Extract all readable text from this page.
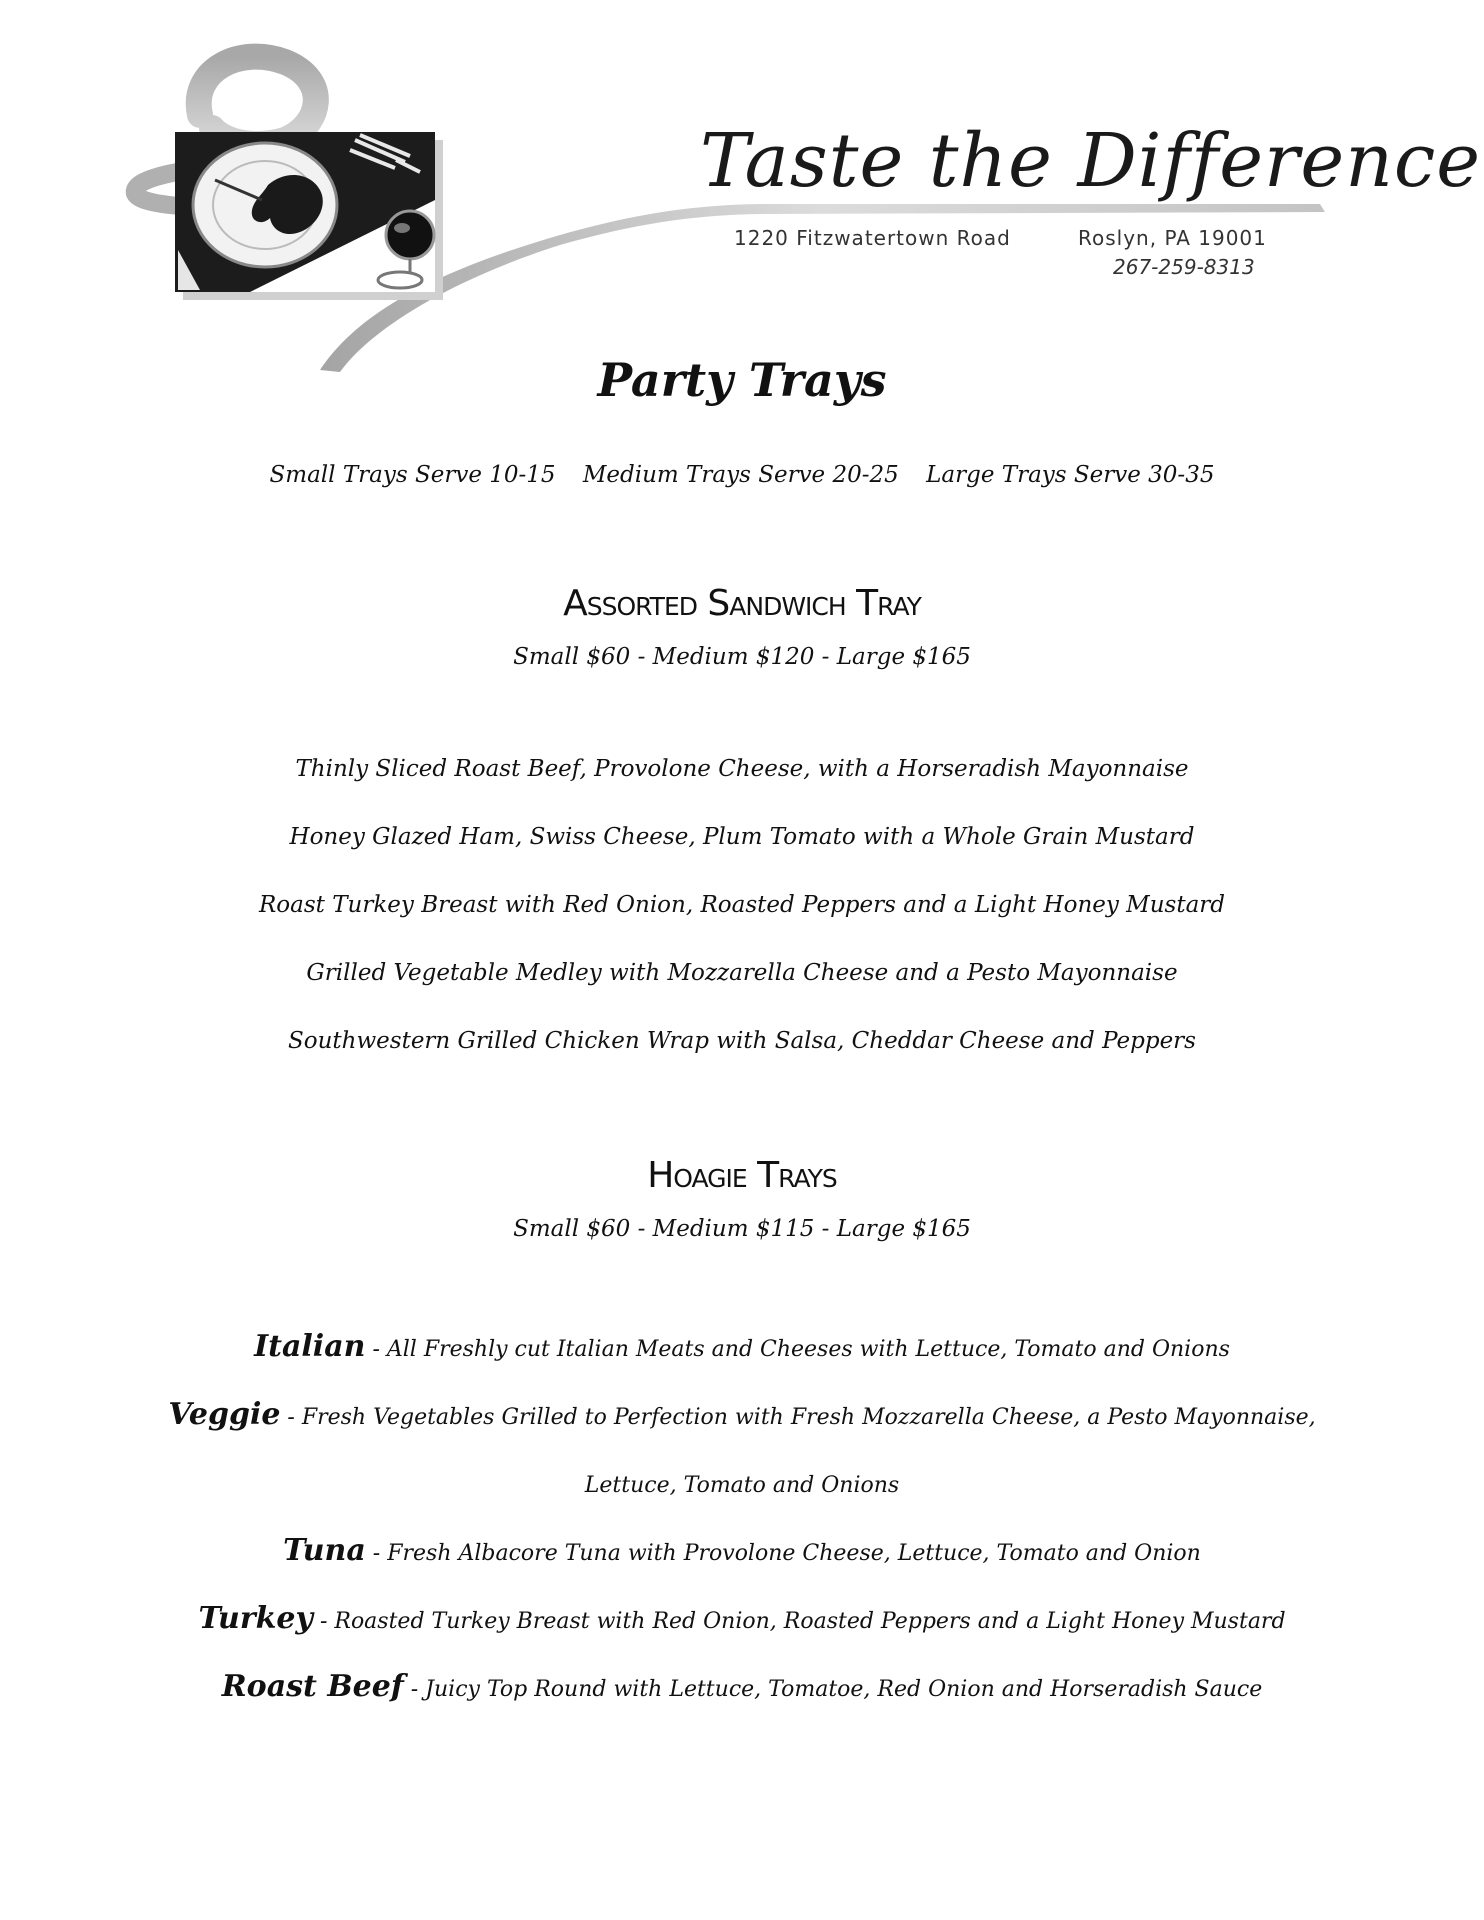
Taste the Difference
1220 Fitzwatertown Road	Roslyn, PA 19001
267-259-8313
Party Trays
Small Trays Serve 10-15 Medium Trays Serve 20-25 Large Trays Serve 30-35
Assorted Sandwich Tray
Small $60 - Medium $120 - Large $165
Thinly Sliced Roast Beef, Provolone Cheese, with a Horseradish Mayonnaise
Honey Glazed Ham, Swiss Cheese, Plum Tomato with a Whole Grain Mustard
Roast Turkey Breast with Red Onion, Roasted Peppers and a Light Honey Mustard
Grilled Vegetable Medley with Mozzarella Cheese and a Pesto Mayonnaise
Southwestern Grilled Chicken Wrap with Salsa, Cheddar Cheese and Peppers
Hoagie Trays
Small $60 - Medium $115 - Large $165
Italian - All Freshly cut Italian Meats and Cheeses with Lettuce, Tomato and Onions
Veggie - Fresh Vegetables Grilled to Perfection with Fresh Mozzarella Cheese, a Pesto Mayonnaise,
Lettuce, Tomato and Onions
Tuna - Fresh Albacore Tuna with Provolone Cheese, Lettuce, Tomato and Onion
Turkey - Roasted Turkey Breast with Red Onion, Roasted Peppers and a Light Honey Mustard
Roast Beef - Juicy Top Round with Lettuce, Tomatoe, Red Onion and Horseradish Sauce
